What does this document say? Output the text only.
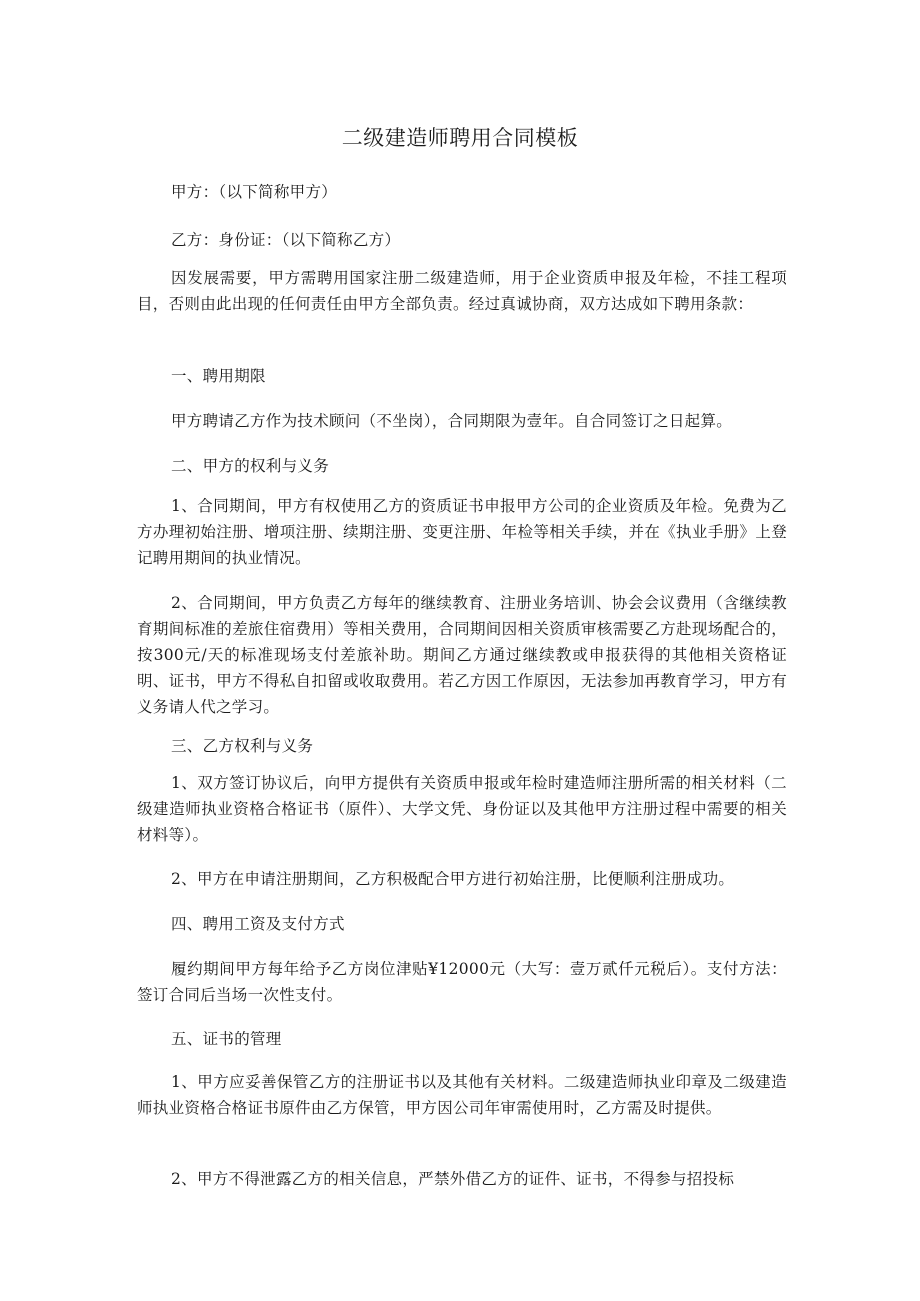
二级建造师聘用合同模板

甲方：（以下简称甲方）

乙方：身份证：（以下简称乙方）

因发展需要，甲方需聘用国家注册二级建造师，用于企业资质申报及年检，不挂工程项目，否则由此出现的任何责任由甲方全部负责。经过真诚协商，双方达成如下聘用条款：

一、聘用期限

甲方聘请乙方作为技术顾问（不坐岗），合同期限为壹年。自合同签订之日起算。

二、甲方的权利与义务

1、合同期间，甲方有权使用乙方的资质证书申报甲方公司的企业资质及年检。免费为乙方办理初始注册、增项注册、续期注册、变更注册、年检等相关手续，并在《执业手册》上登记聘用期间的执业情况。

2、合同期间，甲方负责乙方每年的继续教育、注册业务培训、协会会议费用（含继续教育期间标准的差旅住宿费用）等相关费用，合同期间因相关资质审核需要乙方赴现场配合的，按300元/天的标准现场支付差旅补助。期间乙方通过继续教或申报获得的其他相关资格证明、证书，甲方不得私自扣留或收取费用。若乙方因工作原因，无法参加再教育学习，甲方有义务请人代之学习。

三、乙方权利与义务

1、双方签订协议后，向甲方提供有关资质申报或年检时建造师注册所需的相关材料（二级建造师执业资格合格证书（原件）、大学文凭、身份证以及其他甲方注册过程中需要的相关材料等）。

2、甲方在申请注册期间，乙方积极配合甲方进行初始注册，比便顺利注册成功。

四、聘用工资及支付方式

履约期间甲方每年给予乙方岗位津贴¥12000元（大写：壹万贰仟元税后）。支付方法：签订合同后当场一次性支付。

五、证书的管理

1、甲方应妥善保管乙方的注册证书以及其他有关材料。二级建造师执业印章及二级建造师执业资格合格证书原件由乙方保管，甲方因公司年审需使用时，乙方需及时提供。

2、甲方不得泄露乙方的相关信息，严禁外借乙方的证件、证书，不得参与招投标
